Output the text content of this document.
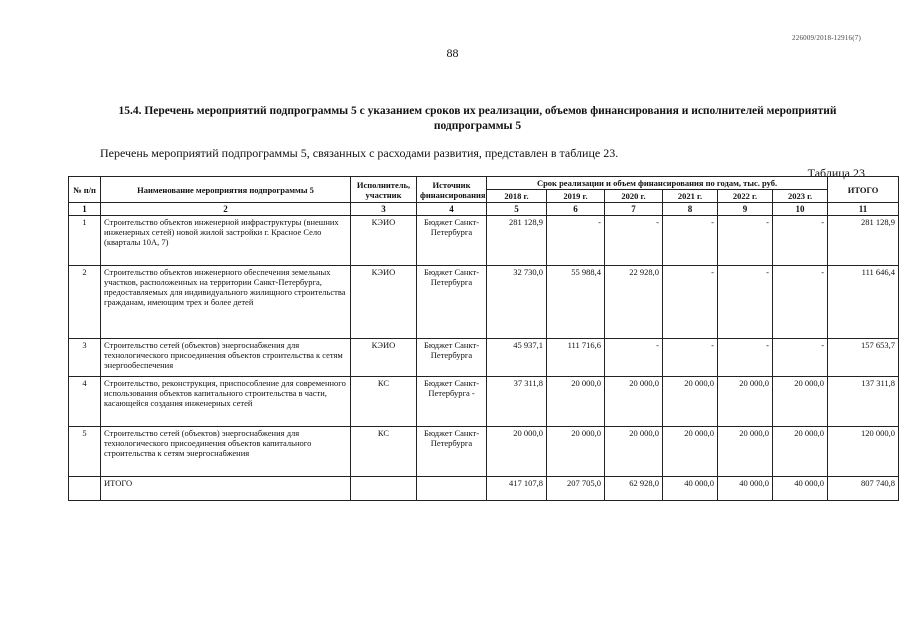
226009/2018-12916(7)
88
15.4. Перечень мероприятий подпрограммы 5 с указанием сроков их реализации, объемов финансирования и исполнителей мероприятий подпрограммы 5
Перечень мероприятий подпрограммы 5, связанных с расходами развития, представлен в таблице 23.
Таблица 23
№ п/п	Наименование мероприятия подпрограммы 5	Исполнитель, участник	Источник финансирования	Срок реализации и объем финансирования по годам, тыс. руб.						ИТОГО
				2018 г.	2019 г.	2020 г.	2021 г.	2022 г.	2023 г.	
1	2	3	4	5	6	7	8	9	10	11
1	Строительство объектов инженерной инфраструктуры (внешних инженерных сетей) новой жилой застройки г. Красное Село (кварталы 10А, 7)	КЭИО	Бюджет Санкт-Петербурга	281 128,9	-	-	-	-	-	281 128,9
2	Строительство объектов инженерного обеспечения земельных участков, расположенных на территории Санкт-Петербурга, предоставляемых для индивидуального жилищного строительства гражданам, имеющим трех и более детей	КЭИО	Бюджет Санкт-Петербурга	32 730,0	55 988,4	22 928,0	-	-	-	111 646,4
3	Строительство сетей (объектов) энергоснабжения для технологического присоединения объектов строительства к сетям энергообеспечения	КЭИО	Бюджет Санкт-Петербурга	45 937,1	111 716,6	-	-	-	-	157 653,7
4	Строительство, реконструкция, приспособление для современного использования объектов капитального строительства в части, касающейся создания инженерных сетей	КС	Бюджет Санкт-Петербурга -	37 311,8	20 000,0	20 000,0	20 000,0	20 000,0	20 000,0	137 311,8
5	Строительство сетей (объектов) энергоснабжения для технологического присоединения объектов капитального строительства к сетям энергоснабжения	КС	Бюджет Санкт-Петербурга	20 000,0	20 000,0	20 000,0	20 000,0	20 000,0	20 000,0	120 000,0
	ИТОГО			417 107,8	207 705,0	62 928,0	40 000,0	40 000,0	40 000,0	807 740,8
